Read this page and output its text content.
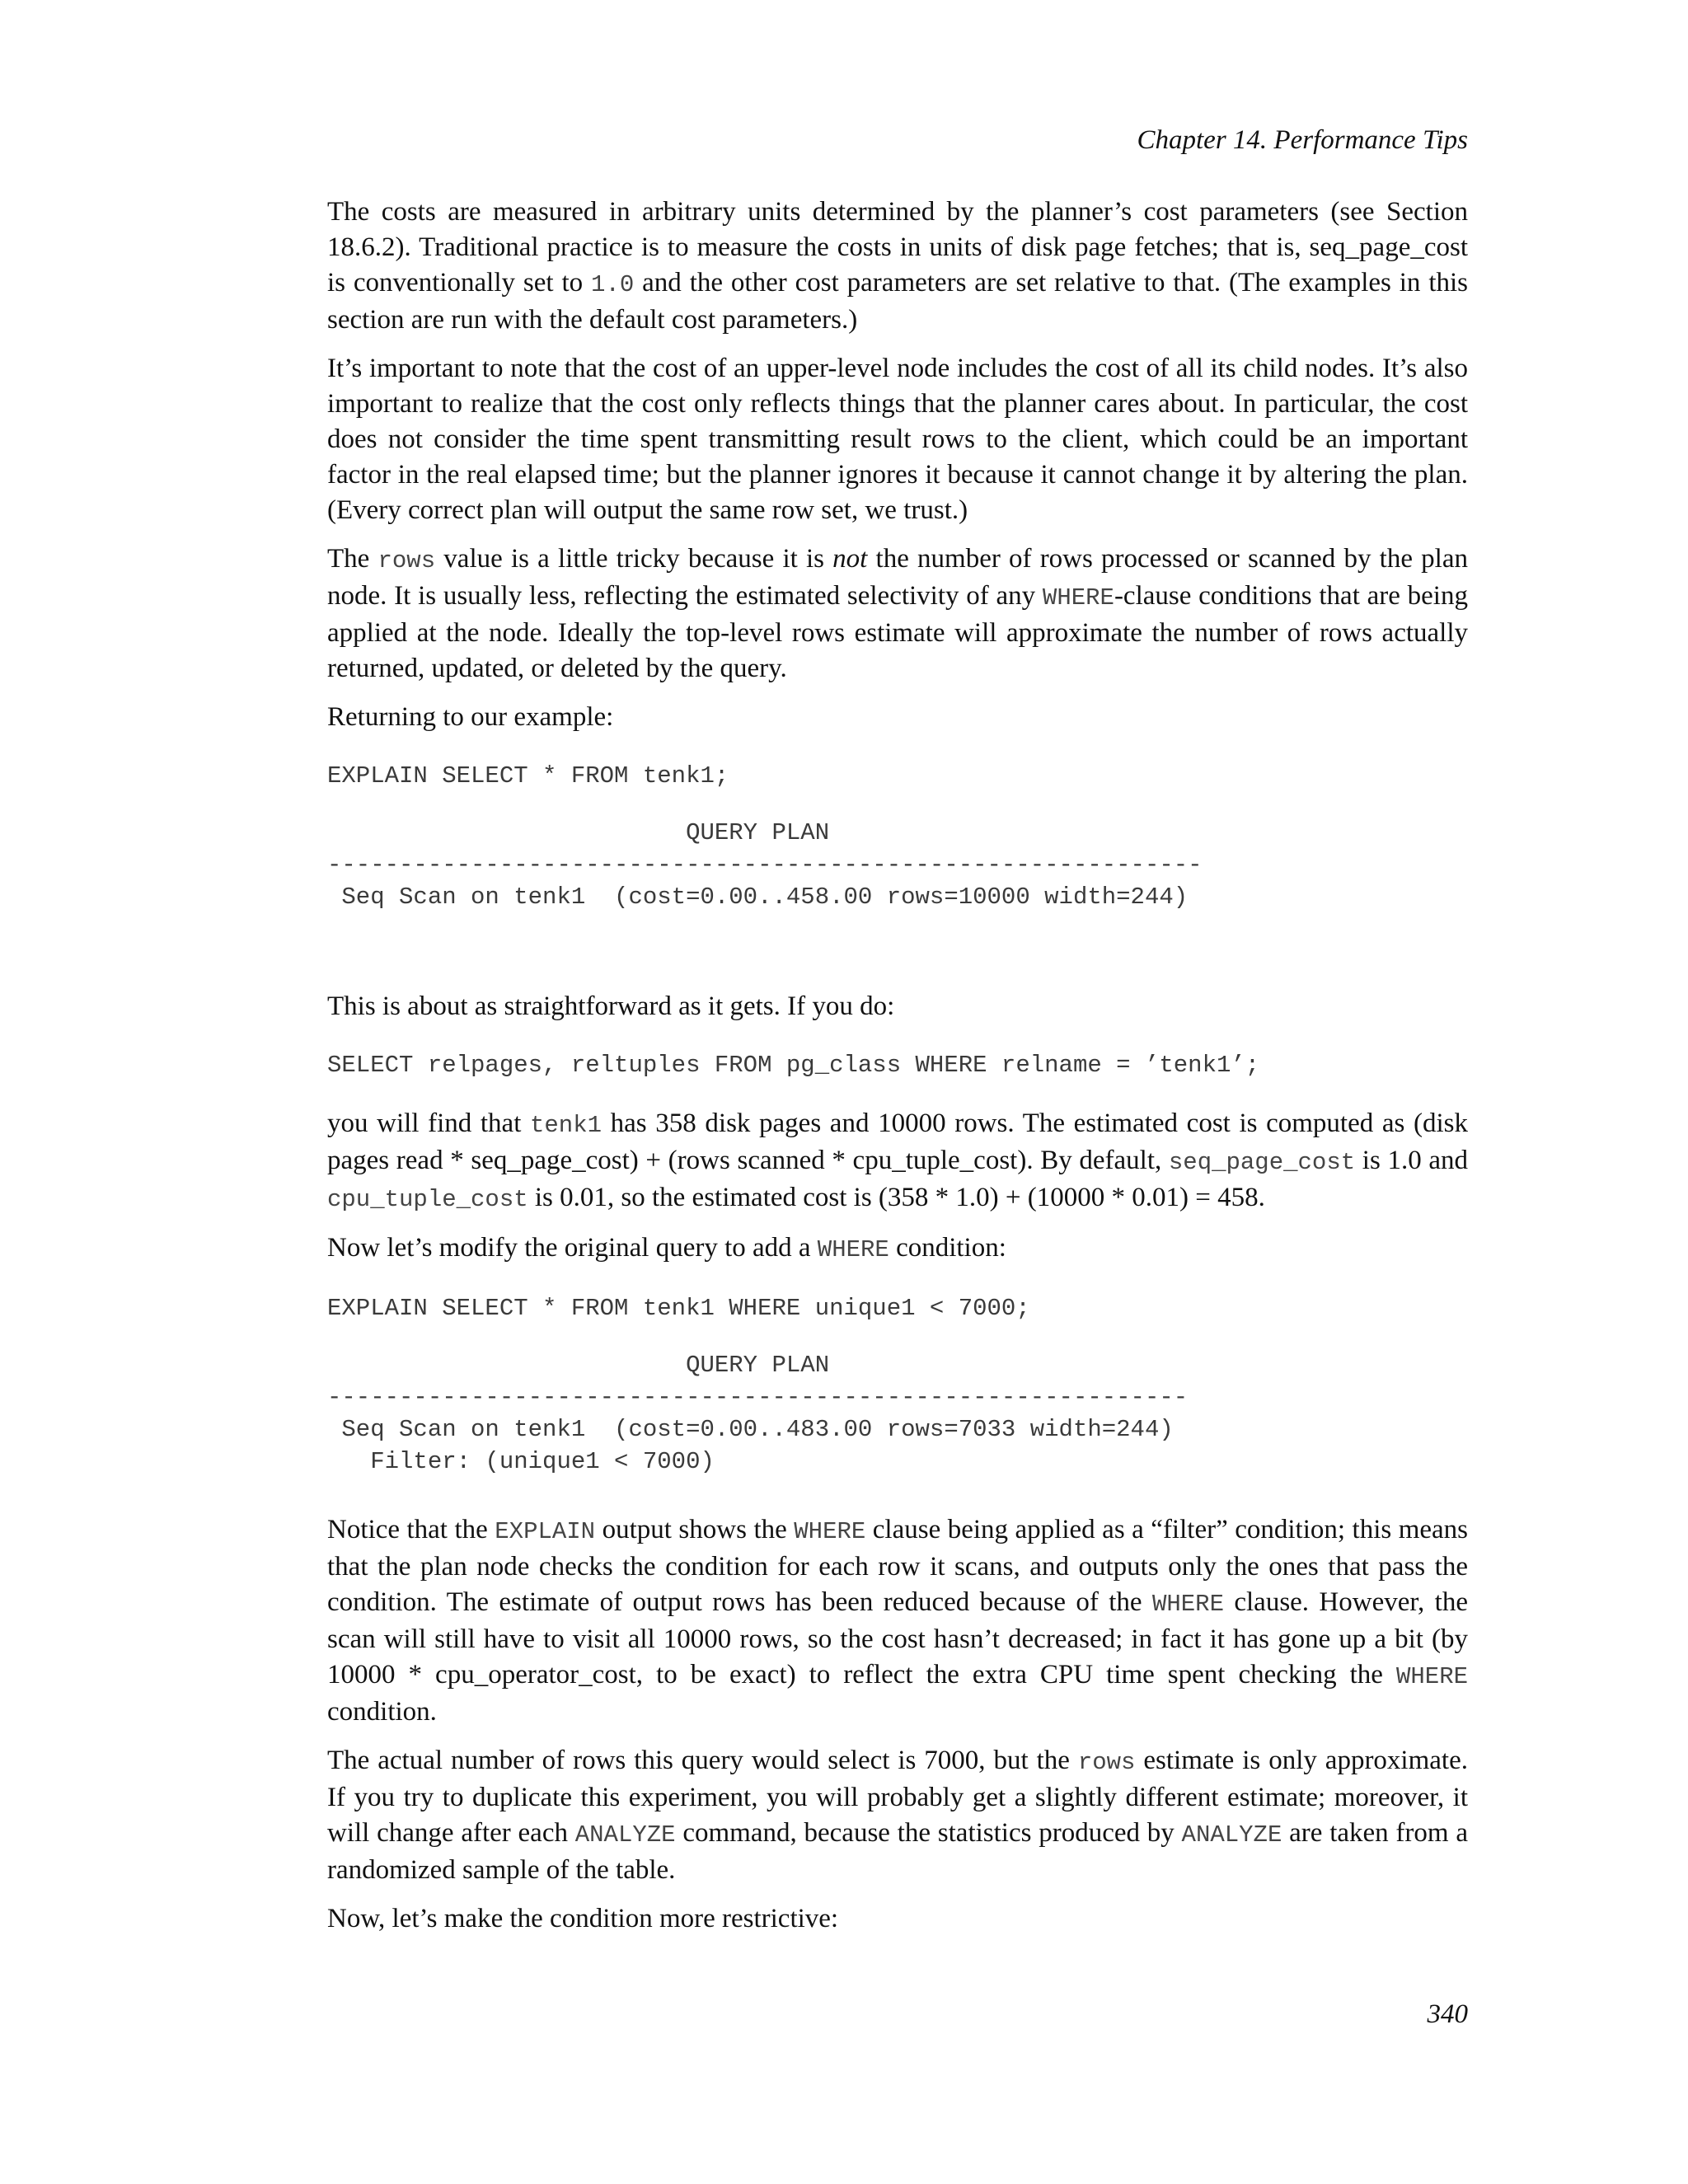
Chapter 14. Performance Tips

The costs are measured in arbitrary units determined by the planner’s cost parameters (see Section 18.6.2). Traditional practice is to measure the costs in units of disk page fetches; that is, seq_page_cost is conventionally set to 1.0 and the other cost parameters are set relative to that. (The examples in this section are run with the default cost parameters.)

It’s important to note that the cost of an upper-level node includes the cost of all its child nodes. It’s also important to realize that the cost only reflects things that the planner cares about. In particular, the cost does not consider the time spent transmitting result rows to the client, which could be an important factor in the real elapsed time; but the planner ignores it because it cannot change it by altering the plan. (Every correct plan will output the same row set, we trust.)

The rows value is a little tricky because it is not the number of rows processed or scanned by the plan node. It is usually less, reflecting the estimated selectivity of any WHERE-clause conditions that are being applied at the node. Ideally the top-level rows estimate will approximate the number of rows actually returned, updated, or deleted by the query.

Returning to our example:

EXPLAIN SELECT * FROM tenk1;
QUERY PLAN
-------------------------------------------------------------
Seq Scan on tenk1  (cost=0.00..458.00 rows=10000 width=244)

This is about as straightforward as it gets. If you do:

SELECT relpages, reltuples FROM pg_class WHERE relname = ’tenk1’;

you will find that tenk1 has 358 disk pages and 10000 rows. The estimated cost is computed as (disk pages read * seq_page_cost) + (rows scanned * cpu_tuple_cost). By default, seq_page_cost is 1.0 and cpu_tuple_cost is 0.01, so the estimated cost is (358 * 1.0) + (10000 * 0.01) = 458.

Now let’s modify the original query to add a WHERE condition:

EXPLAIN SELECT * FROM tenk1 WHERE unique1 < 7000;
QUERY PLAN
------------------------------------------------------------
Seq Scan on tenk1  (cost=0.00..483.00 rows=7033 width=244)
Filter: (unique1 < 7000)

Notice that the EXPLAIN output shows the WHERE clause being applied as a “filter” condition; this means that the plan node checks the condition for each row it scans, and outputs only the ones that pass the condition. The estimate of output rows has been reduced because of the WHERE clause. However, the scan will still have to visit all 10000 rows, so the cost hasn’t decreased; in fact it has gone up a bit (by 10000 * cpu_operator_cost, to be exact) to reflect the extra CPU time spent checking the WHERE condition.

The actual number of rows this query would select is 7000, but the rows estimate is only approximate. If you try to duplicate this experiment, you will probably get a slightly different estimate; moreover, it will change after each ANALYZE command, because the statistics produced by ANALYZE are taken from a randomized sample of the table.

Now, let’s make the condition more restrictive:

340
